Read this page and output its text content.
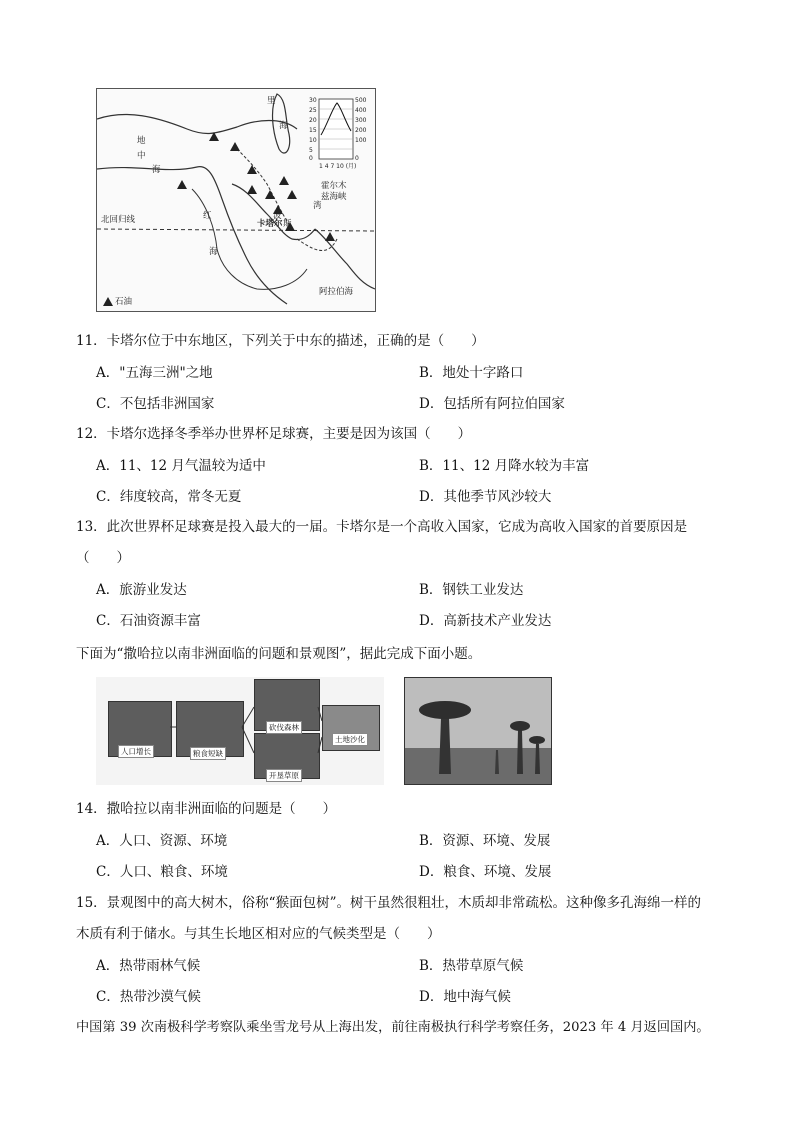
里
海
地
中
海
波
斯
湾
红
海
阿拉伯海
北回归线	卡塔尔
霍尔木
兹海峡
石油
500
400
300
200
100
0
30
25
20
15
10
5
0
1 4 7 10 (月)
11．卡塔尔位于中东地区，下列关于中东的描述，正确的是（　　）
A．"五海三洲"之地	B．地处十字路口
C．不包括非洲国家	D．包括所有阿拉伯国家
12．卡塔尔选择冬季举办世界杯足球赛，主要是因为该国（　　）
A．11、12 月气温较为适中	B．11、12 月降水较为丰富
C．纬度较高，常冬无夏	D．其他季节风沙较大
13．此次世界杯足球赛是投入最大的一届。卡塔尔是一个高收入国家，它成为高收入国家的首要原因是
（　　）
A．旅游业发达	B．钢铁工业发达
C．石油资源丰富	D．高新技术产业发达
下面为“撒哈拉以南非洲面临的问题和景观图”，据此完成下面小题。
人口增长	粮食短缺
砍伐森林
开垦草原
土地沙化
14．撒哈拉以南非洲面临的问题是（　　）
A．人口、资源、环境	B．资源、环境、发展
C．人口、粮食、环境	D．粮食、环境、发展
15．景观图中的高大树木，俗称“猴面包树”。树干虽然很粗壮，木质却非常疏松。这种像多孔海绵一样的
木质有利于储水。与其生长地区相对应的气候类型是（　　）
A．热带雨林气候	B．热带草原气候
C．热带沙漠气候	D．地中海气候
中国第 39 次南极科学考察队乘坐雪龙号从上海出发，前往南极执行科学考察任务，2023 年 4 月返回国内。
